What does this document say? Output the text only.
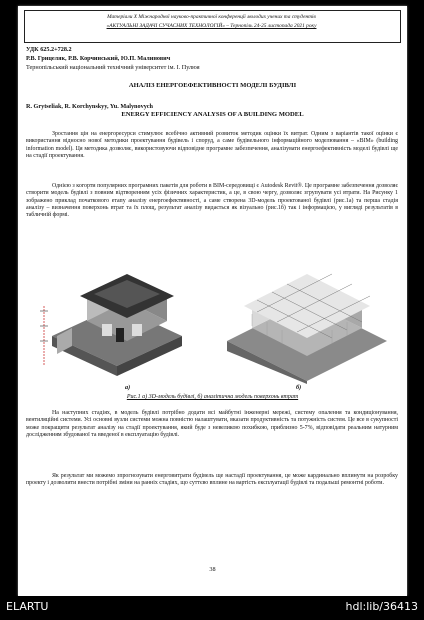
Матеріали Х Міжнародної науково-практичної конференції молодих учених та студентів
«АКТУАЛЬНІ ЗАДАЧІ СУЧАСНИХ ТЕХНОЛОГІЙ» – Тернопіль 24-25 листопада 2021 року
УДК 625.2+728.2
Р.В. Грицеляк, Р.В. Корчинський, Ю.П. Малинович
Тернопільський національний технічний університет ім. І. Пулюя
АНАЛІЗ ЕНЕРГОЕФЕКТИВНОСТІ МОДЕЛІ БУДІВЛІ
R. Grytseliak, R. Korchynskyy, Yu. Malynovych
ENERGY EFFICIENCY ANALYSIS OF A BUILDING MODEL
Зростання цін на енергоресурси стимулює всебічно активний розвиток методик оцінки їх витрат. Одним з варіантів такої оцінки є використання відносно нової методики проектування будівель і споруд, а саме будівельного інформаційного моделювання – «BIM» (building information model). Ця методика дозволяє, використовуючи відповідне програмне забезпечення, аналізувати енергоефективність моделі будівлі ще на стадії проектування.
Однією з когорти популярних програмних пакетів для роботи в BIM-середовищі є Autodesk Revit®. Це програмне забезпечення дозволяє створити модель будівлі з повним відтворенням усіх фізичних характеристик, а це, в свою чергу, дозволяє згрупувати усі втрати. На Рисунку 1 зображено приклад початкового етапу аналізу енергоефективності, а саме створена 3D-модель проектованої будівлі (рис.1а) та перша стадія аналізу – визначення поверхонь втрат та їх площ, результат аналізу видається як візуально (рис.1б) так і інформацією, у вигляді результатів в табличній формі.
а)	б)
Рис.1 а) 3D-модель будівлі, б) аналітична модель поверхонь втрат
На наступних стадіях, в модель будівлі потрібно додати всі майбутні інженерні мережі, систему опалення та кондиціонування, вентиляційні системи. Усі основні вузли системи можна повністю налаштувати, вказати продуктивність та потужність систем. Це все в сукупності може покращити результат аналізу на стадії проектування, який буде з невеликою похибкою, приблизно 5-7%, відповідати реальним натурним дослідженням збудованої та введеної в експлуатацію будівлі.
Як результат ми можемо зпрогнозувати енерговитрати будівель ще настадії проектування, це може кардинально вплинути на розробку проекту і дозволити внести потрібні зміни на ранніх стадіях, що суттєво вплине на вартість експлуатації будівлі та подальші ремонтні роботи.
38
ELARTU	hdl:lib/36413
